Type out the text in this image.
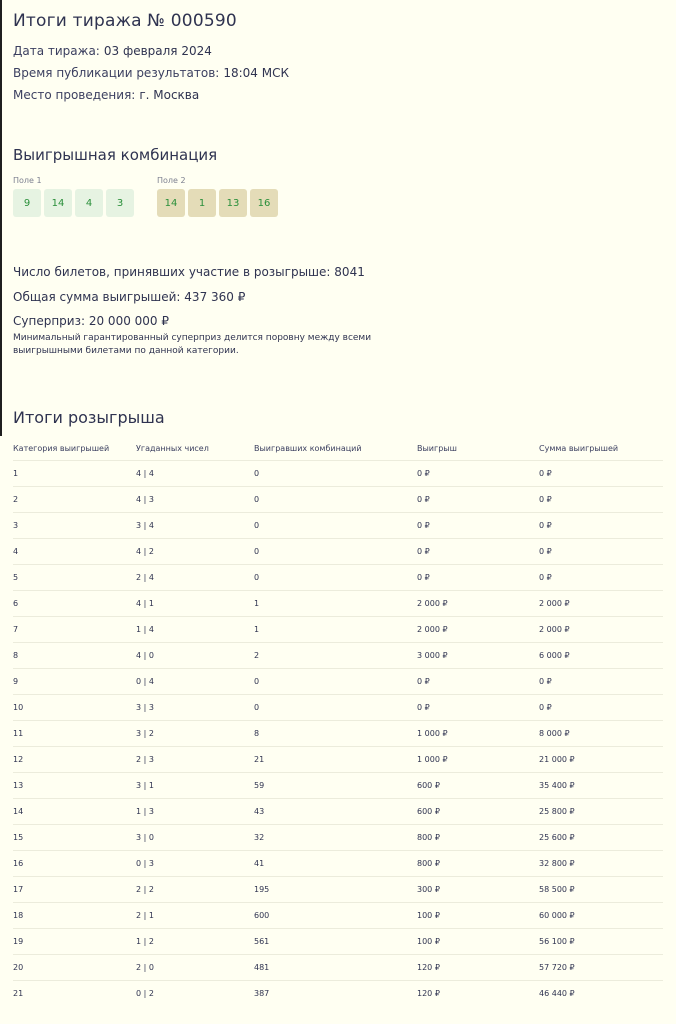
Итоги тиража № 000590
Дата тиража: 03 февраля 2024
Время публикации результатов: 18:04 МСК
Место проведения: г. Москва
Выигрышная комбинация
Поле 1
9	14	4	3
Поле 2
14	1	13	16
Число билетов, принявших участие в розыгрыше: 8041
Общая сумма выигрышей: 437 360 ₽
Суперприз: 20 000 000 ₽
Минимальный гарантированный суперприз делится поровну между всеми выигрышными билетами по данной категории.
Итоги розыгрыша
Категория выигрышей	Угаданных чисел	Выигравших комбинаций	Выигрыш	Сумма выигрышей
1	4 | 4	0	0 ₽	0 ₽
2	4 | 3	0	0 ₽	0 ₽
3	3 | 4	0	0 ₽	0 ₽
4	4 | 2	0	0 ₽	0 ₽
5	2 | 4	0	0 ₽	0 ₽
6	4 | 1	1	2 000 ₽	2 000 ₽
7	1 | 4	1	2 000 ₽	2 000 ₽
8	4 | 0	2	3 000 ₽	6 000 ₽
9	0 | 4	0	0 ₽	0 ₽
10	3 | 3	0	0 ₽	0 ₽
11	3 | 2	8	1 000 ₽	8 000 ₽
12	2 | 3	21	1 000 ₽	21 000 ₽
13	3 | 1	59	600 ₽	35 400 ₽
14	1 | 3	43	600 ₽	25 800 ₽
15	3 | 0	32	800 ₽	25 600 ₽
16	0 | 3	41	800 ₽	32 800 ₽
17	2 | 2	195	300 ₽	58 500 ₽
18	2 | 1	600	100 ₽	60 000 ₽
19	1 | 2	561	100 ₽	56 100 ₽
20	2 | 0	481	120 ₽	57 720 ₽
21	0 | 2	387	120 ₽	46 440 ₽
